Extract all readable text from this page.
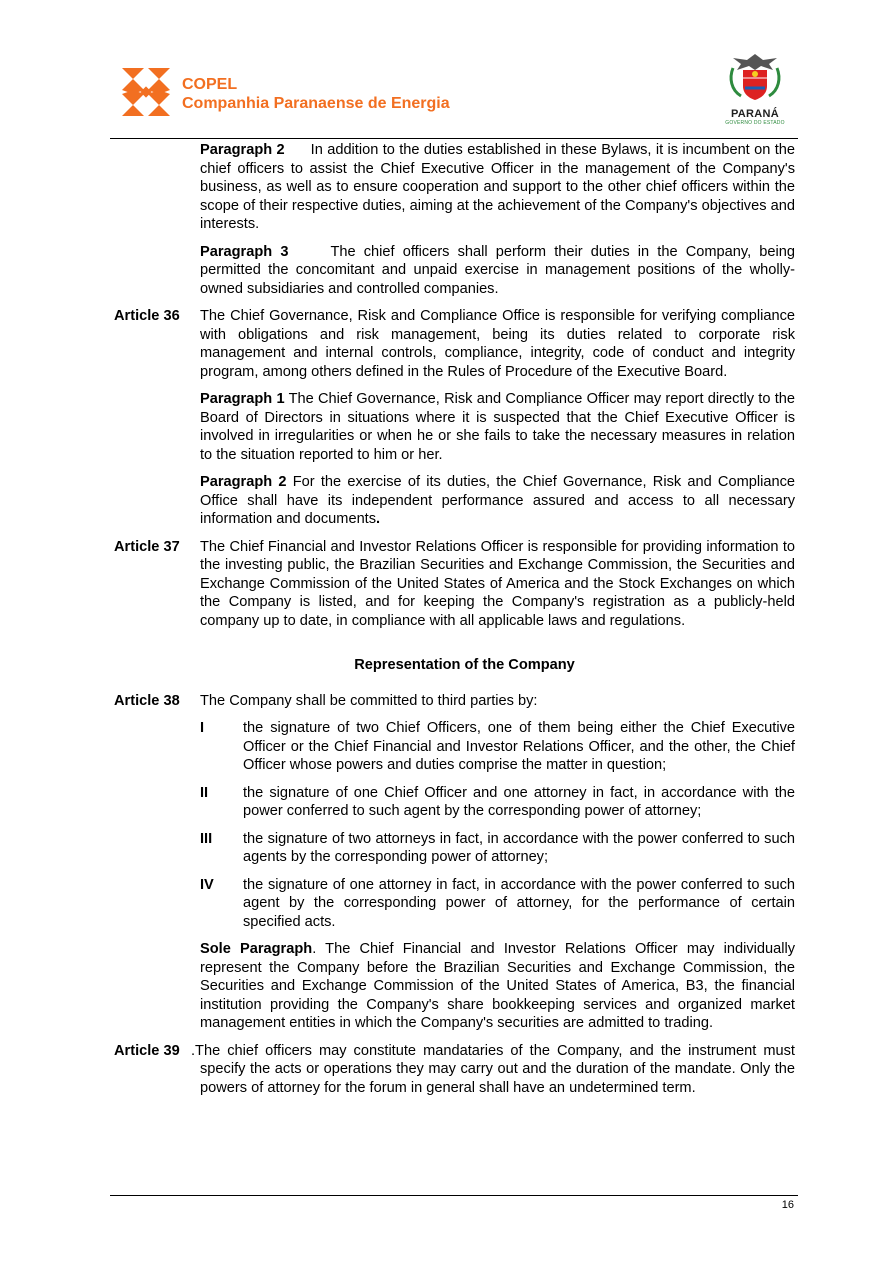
COPEL
Companhia Paranaense de Energia
PARANÁ
GOVERNO DO ESTADO
Paragraph 2 In addition to the duties established in these Bylaws, it is incumbent on the chief officers to assist the Chief Executive Officer in the management of the Company's business, as well as to ensure cooperation and support to the other chief officers within the scope of their respective duties, aiming at the achievement of the Company's objectives and interests.
Paragraph 3	The chief officers shall perform their duties in the Company, being permitted the concomitant and unpaid exercise in management positions of the wholly-owned subsidiaries and controlled companies.
Article 36 The Chief Governance, Risk and Compliance Office is responsible for verifying compliance with obligations and risk management, being its duties related to corporate risk management and internal controls, compliance, integrity, code of conduct and integrity program, among others defined in the Rules of Procedure of the Executive Board.
Paragraph 1 The Chief Governance, Risk and Compliance Officer may report directly to the Board of Directors in situations where it is suspected that the Chief Executive Officer is involved in irregularities or when he or she fails to take the necessary measures in relation to the situation reported to him or her.
Paragraph 2 For the exercise of its duties, the Chief Governance, Risk and Compliance Office shall have its independent performance assured and access to all necessary information and documents.
Article 37 The Chief Financial and Investor Relations Officer is responsible for providing information to the investing public, the Brazilian Securities and Exchange Commission, the Securities and Exchange Commission of the United States of America and the Stock Exchanges on which the Company is listed, and for keeping the Company's registration as a publicly-held company up to date, in compliance with all applicable laws and regulations.
Representation of the Company
Article 38 The Company shall be committed to third parties by:
I	the signature of two Chief Officers, one of them being either the Chief Executive Officer or the Chief Financial and Investor Relations Officer, and the other, the Chief Officer whose powers and duties comprise the matter in question;
II the signature of one Chief Officer and one attorney in fact, in accordance with the power conferred to such agent by the corresponding power of attorney;
III the signature of two attorneys in fact, in accordance with the power conferred to such agents by the corresponding power of attorney;
IV the signature of one attorney in fact, in accordance with the power conferred to such agent by the corresponding power of attorney, for the performance of certain specified acts.
Sole Paragraph. The Chief Financial and Investor Relations Officer may individually represent the Company before the Brazilian Securities and Exchange Commission, the Securities and Exchange Commission of the United States of America, B3, the financial institution providing the Company's share bookkeeping services and organized market management entities in which the Company's securities are admitted to trading.
Article 39 .The chief officers may constitute mandataries of the Company, and the instrument must specify the acts or operations they may carry out and the duration of the mandate. Only the powers of attorney for the forum in general shall have an undetermined term.
16
